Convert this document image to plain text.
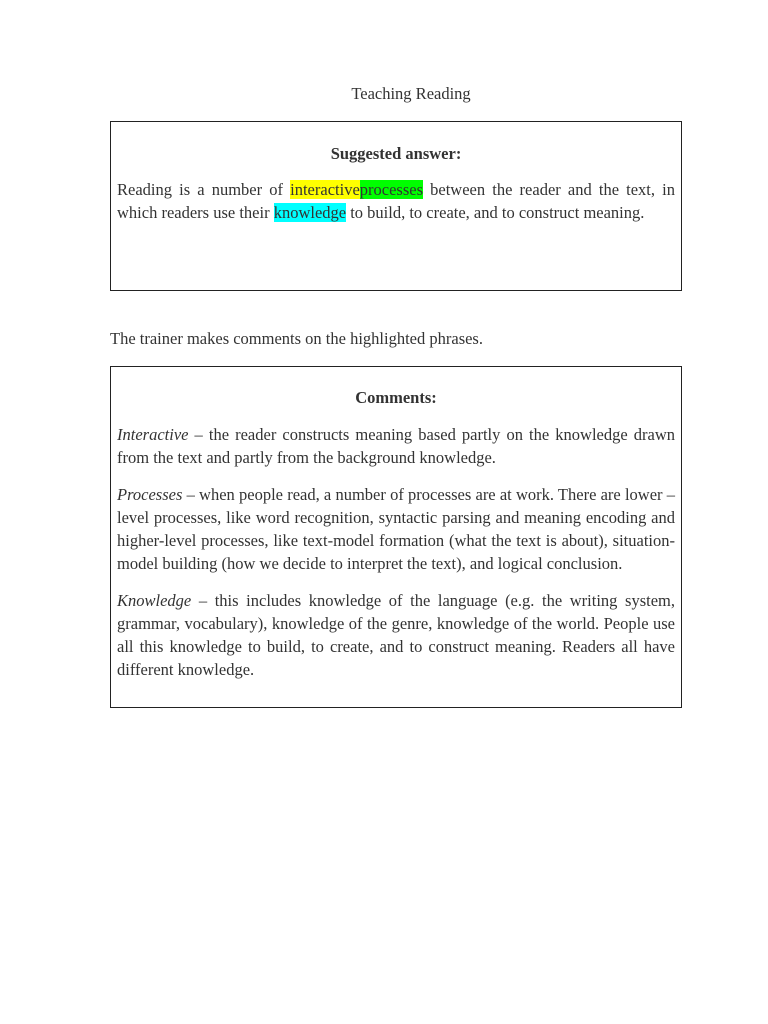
Teaching Reading
Suggested answer:

Reading is a number of interactiveprocesses between the reader and the text, in which readers use their knowledge to build, to create, and to construct meaning.

The trainer makes comments on the highlighted phrases.
Comments:

Interactive – the reader constructs meaning based partly on the knowledge drawn from the text and partly from the background knowledge.

Processes – when people read, a number of processes are at work. There are lower –level processes, like word recognition, syntactic parsing and meaning encoding and higher-level processes, like text-model formation (what the text is about), situation-model building (how we decide to interpret the text), and logical conclusion.

Knowledge – this includes knowledge of the language (e.g. the writing system, grammar, vocabulary), knowledge of the genre, knowledge of the world. People use all this knowledge to build, to create, and to construct meaning. Readers all have different knowledge.
